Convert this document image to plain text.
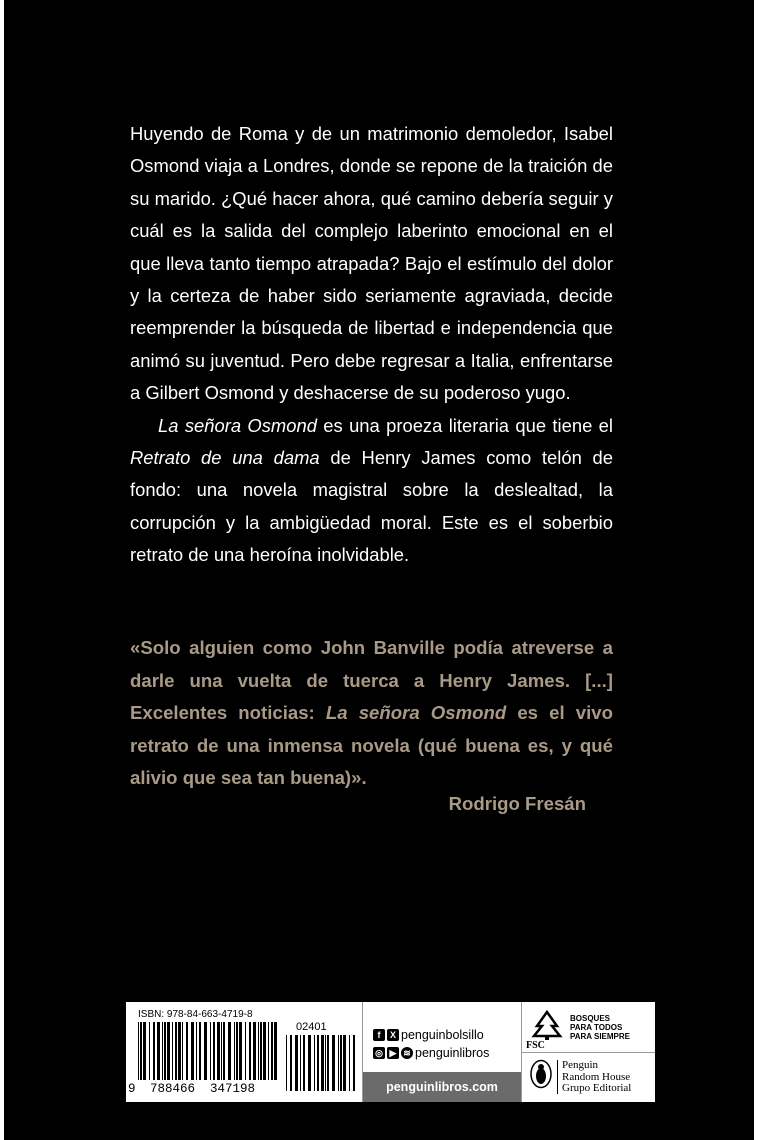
Huyendo de Roma y de un matrimonio demoledor, Isabel Osmond viaja a Londres, donde se repone de la traición de su marido. ¿Qué hacer ahora, qué camino debería seguir y cuál es la salida del complejo laberinto emocional en el que lleva tanto tiempo atrapada? Bajo el estímulo del dolor y la certeza de haber sido seriamente agraviada, decide reemprender la búsqueda de libertad e independencia que animó su juventud. Pero debe regresar a Italia, enfrentarse a Gilbert Osmond y deshacerse de su poderoso yugo.

La señora Osmond es una proeza literaria que tiene el Retrato de una dama de Henry James como telón de fondo: una novela magistral sobre la deslealtad, la corrupción y la ambigüedad moral. Este es el soberbio retrato de una heroína inolvidable.

«Solo alguien como John Banville podía atreverse a darle una vuelta de tuerca a Henry James. [...] Excelentes noticias: La señora Osmond es el vivo retrato de una inmensa novela (qué buena es, y qué alivio que sea tan buena)».

Rodrigo Fresán
ISBN: 978-84-663-4719-8
9 788466 347198
02401
f	X penguinbolsillo
◎ ▶ ≋ penguinlibros
penguinlibros.com
FSC
BOSQUES
PARA TODOS
PARA SIEMPRE
Penguin
Random House
Grupo Editorial
